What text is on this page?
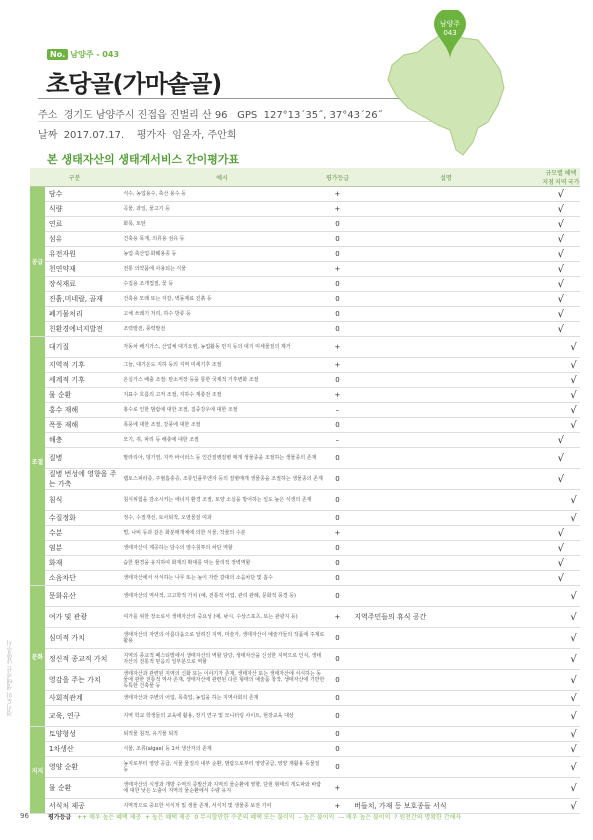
No. 남양주 - 043
초당골(가마솥골)
주소 경기도 남양주시 진접읍 진벌리 산 96 GPS 127°13´35˝, 37°43´26˝
날짜 2017.07.17. 평가자 임윤자, 주안희
남양주
043
본 생태자산의 생태계서비스 간이평가표
구분		예시	평가등급	설명	규모별 혜택
지점 지역 국가		

공급	담수	식수, 농업용수, 축산 용수 등	+			√	
	식량	곡물, 과일, 물고기 등	+			√	
	연료	화목, 토탄	0			√	
	섬유	건축용 목재, 의류용 섬유 등	0			√	
	유전자원	농업·축산업·화훼용종 등	0			√	
	천연약재	전통 의약품에 사용되는 식물	+			√	
	장식재료	수집용 조개껍질, 꽃 등	0			√	
	진흙,미네랄, 골재	건축용 모래 또는 자갈, 벽돌제료 진흙 등	0			√	
	폐기물처리	고체 쓰레기 처리, 하수 방류 등	0			√	
	친환경에너지발전	조력발전, 풍력발전	0			√	
조절	대기질	자동차 배기가스, 산업체 대기오염, 농업활동 먼지 등의 대기 미세물질의 제거	+				√
	지역적 기후	그늘, 대기온도 지하 등의 지역 미세기후 조절	+				√
	세계적 기후	온실가스 배출 조절: 탄소저장 등을 통한 국제적 기후변화 조절	0				√
	물 순환	지표수 흐름의 고저 조절, 지하수 재충전 조절	+				√
	홍수 재해	홍수로 인한 범람에 대한 조절, 집중강우에 대한 조절	–				√
	폭풍 재해	폭풍에 대한 조절, 강풍에 대한 조절	0				√
	해충	모기, 쥐, 파리 등 해충에 대한 조절	–			√	
	질병	말라리아, 뎅기열, 지카 바이러스 등 인간질병질병 매개 생물종을 조절하는 생물종의 존재	0			√	
	질병 번성에 영향을 주는 가축	렙토스피라증, 주혈흡충증, 조류인플루엔자 등의 질병매개 생물종을 조절하는 생물종의 존재	0			√	
	침식	침식위험을 감소시키는 에너지 환경 조절, 토양 소실을 방어하는 일도 높은 식생의 존재	0				√
	수질정화	정수, 수질개선, 토사퇴적, 오염물질 여과	0				√
	수분	벌, 나비 등과 같은 화분매개체에 의한 식물, 작물의 수분	+			√	
	염분	생태자산이 제공하는 담수의 염수침투의 차단 역할	0			√	
	화재	습한 환경을 유지하여 화재의 확대를 막는 물리적 장벽역할	0			√	
	소음차단	생태자산에서 서식하는 나무 또는 높이 자란 갈대의 소음차단 및 흡수	0			√	
문화	문화유산	생태자산의 역사적, 고고학적 가치 (예, 전통적 어업, 관리 관례, 문화적 풍경 등)	0				√
	여가 및 관광	여가를 위한 장소로서 생태자산의 중요성 (예, 낚시, 수상스포츠, 또는 관광지 등)	+	지역주민들의 휴식 공간			√
	심미적 가치	생태자산의 자연의 아름다움으로 알려진 지역, 미술가, 생태자산이 예술가들의 작품에 주제로 활용	0				√
	정신적 종교적 가치	지역의 종교적 페스티벌에서 생태자산의 역할 담당, 생태자산을 신성한 지역으로 인식, 생태자산의 전통적 믿음의 일부분으로 역할	0				√
	영감을 주는 가치	생태자산과 관련된 지역의 신화 또는 이야기가 존재, 생태자산 또는 생태자산에 서식하는 동물에 관한 전통적 역사 존재, 생태자산에 관련된 다른 형태의 예술품 창작, 생태자산에 기반한 독특한 건축물 등	0				√
	사회적관계	생태자산과 주변의 어업, 목축업, 농업을 하는 지역사회의 존재	0				√
	교육, 연구	지역 학교 학생들의 교육에 활용, 장기 연구 및 모니터링 사이트, 현장교육 대상	0				√
지지	토양형성	퇴적물 침적, 유기물 퇴적	0				√
	1차생산	식물, 조류(algae) 등 1차 생산자의 존재	0				√
	영양 순환	농지로부터 영양 공급, 식물 물질의 내부 순환, 범람으로부터 영양공급, 영양 재활용 등물질 등	0				√
	물 순환	생태자산의 식생과 개방 수역의 증발산과 지역의 물순환에 영향, 단현 형태의 개도파와 바람에 대한 낮은 노출이 지역의 물순환에서 수량 유지	+				√
	서식처 제공	지역적으로 중요한 서식처 및 생물 존재, 서식처 및 생물종 보전 기여	+	버들치, 가재 등 보호종들 서식			√
96
경기도의 생태자산 남양주시
평가등급 ++ 매우 높은 혜택 제공 + 높은 혜택 제공 0 무시할만한 수준의 혜택 또는 불이익 – 높은 불이익 –– 매우 높은 불이익 ? 원천간의 명확한 간해자
